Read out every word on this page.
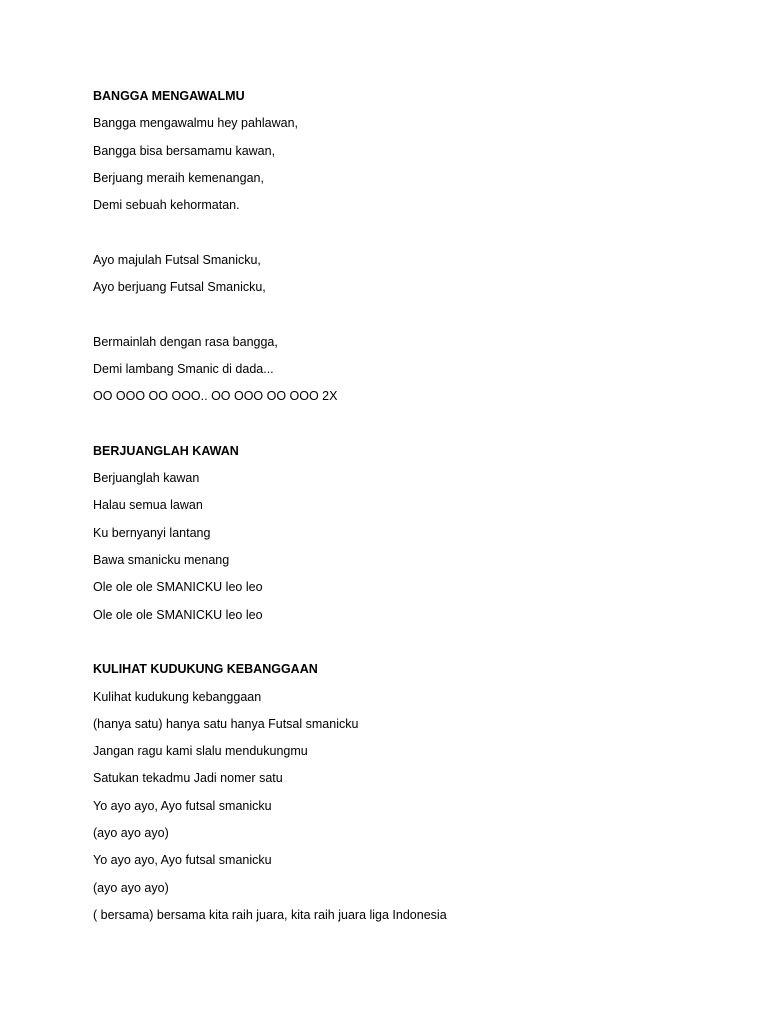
BANGGA MENGAWALMU
Bangga mengawalmu hey pahlawan,
Bangga bisa bersamamu kawan,
Berjuang meraih kemenangan,
Demi sebuah kehormatan.
Ayo majulah Futsal Smanicku,
Ayo berjuang Futsal Smanicku,
Bermainlah dengan rasa bangga,
Demi lambang Smanic di dada...
OO OOO OO OOO.. OO OOO OO OOO 2X
BERJUANGLAH KAWAN
Berjuanglah kawan
Halau semua lawan
Ku bernyanyi lantang
Bawa smanicku menang
Ole ole ole SMANICKU leo leo
Ole ole ole SMANICKU leo leo
KULIHAT KUDUKUNG KEBANGGAAN
Kulihat kudukung kebanggaan
(hanya satu) hanya satu hanya Futsal smanicku
Jangan ragu kami slalu mendukungmu
Satukan tekadmu Jadi nomer satu
Yo ayo ayo, Ayo futsal smanicku
(ayo ayo ayo)
Yo ayo ayo, Ayo futsal smanicku
(ayo ayo ayo)
( bersama) bersama kita raih juara, kita raih juara liga Indonesia
